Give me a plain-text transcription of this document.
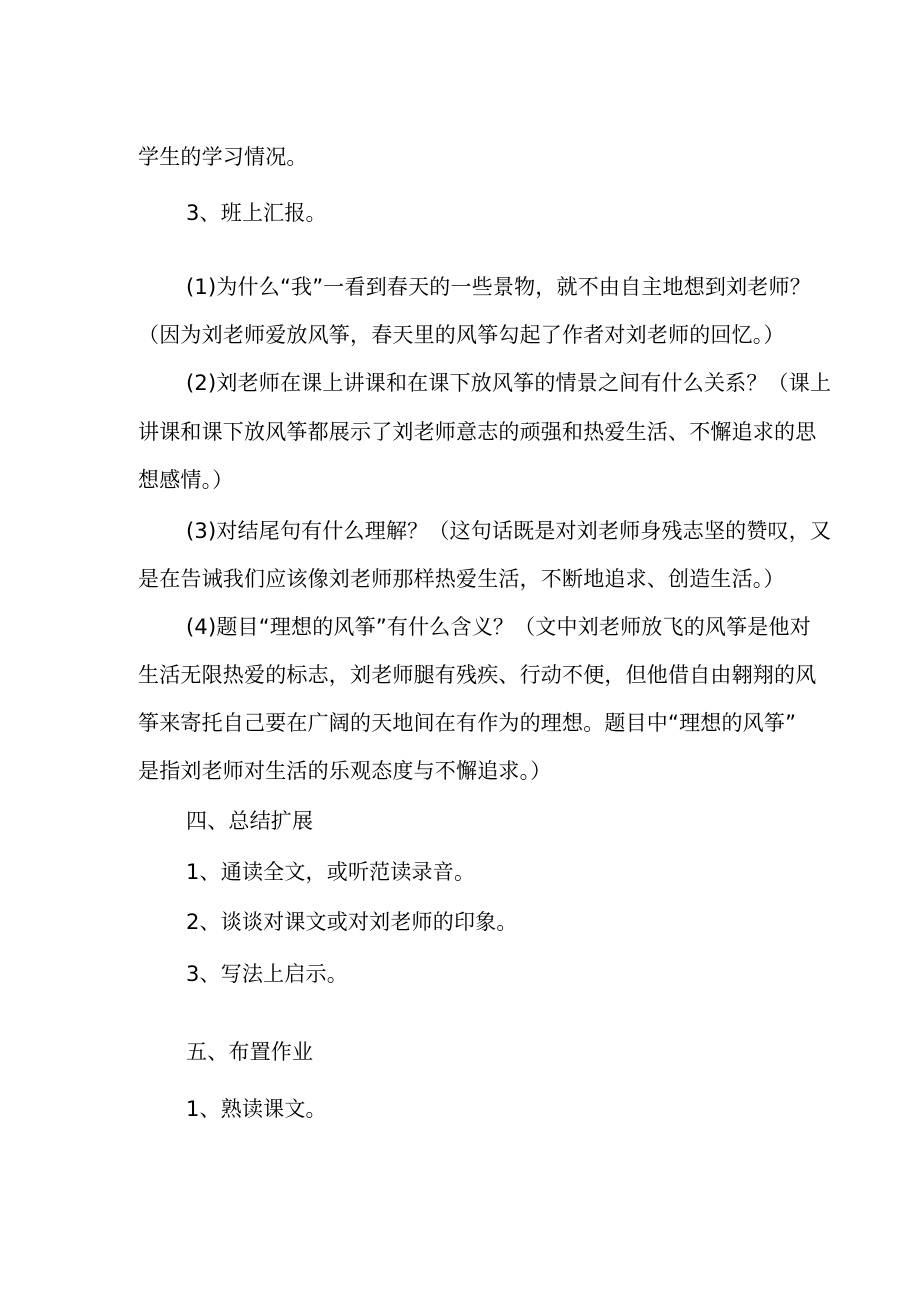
学生的学习情况。
3、班上汇报。
(1)为什么“我”一看到春天的一些景物，就不由自主地想到刘老师？
（因为刘老师爱放风筝，春天里的风筝勾起了作者对刘老师的回忆。）
(2)刘老师在课上讲课和在课下放风筝的情景之间有什么关系？（课上
讲课和课下放风筝都展示了刘老师意志的顽强和热爱生活、不懈追求的思
想感情。）
(3)对结尾句有什么理解？（这句话既是对刘老师身残志坚的赞叹，又
是在告诫我们应该像刘老师那样热爱生活，不断地追求、创造生活。）
(4)题目“理想的风筝”有什么含义？（文中刘老师放飞的风筝是他对
生活无限热爱的标志，刘老师腿有残疾、行动不便，但他借自由翱翔的风
筝来寄托自己要在广阔的天地间在有作为的理想。题目中“理想的风筝”
是指刘老师对生活的乐观态度与不懈追求。）
四、总结扩展
1、通读全文，或听范读录音。
2、谈谈对课文或对刘老师的印象。
3、写法上启示。
五、布置作业
1、熟读课文。
